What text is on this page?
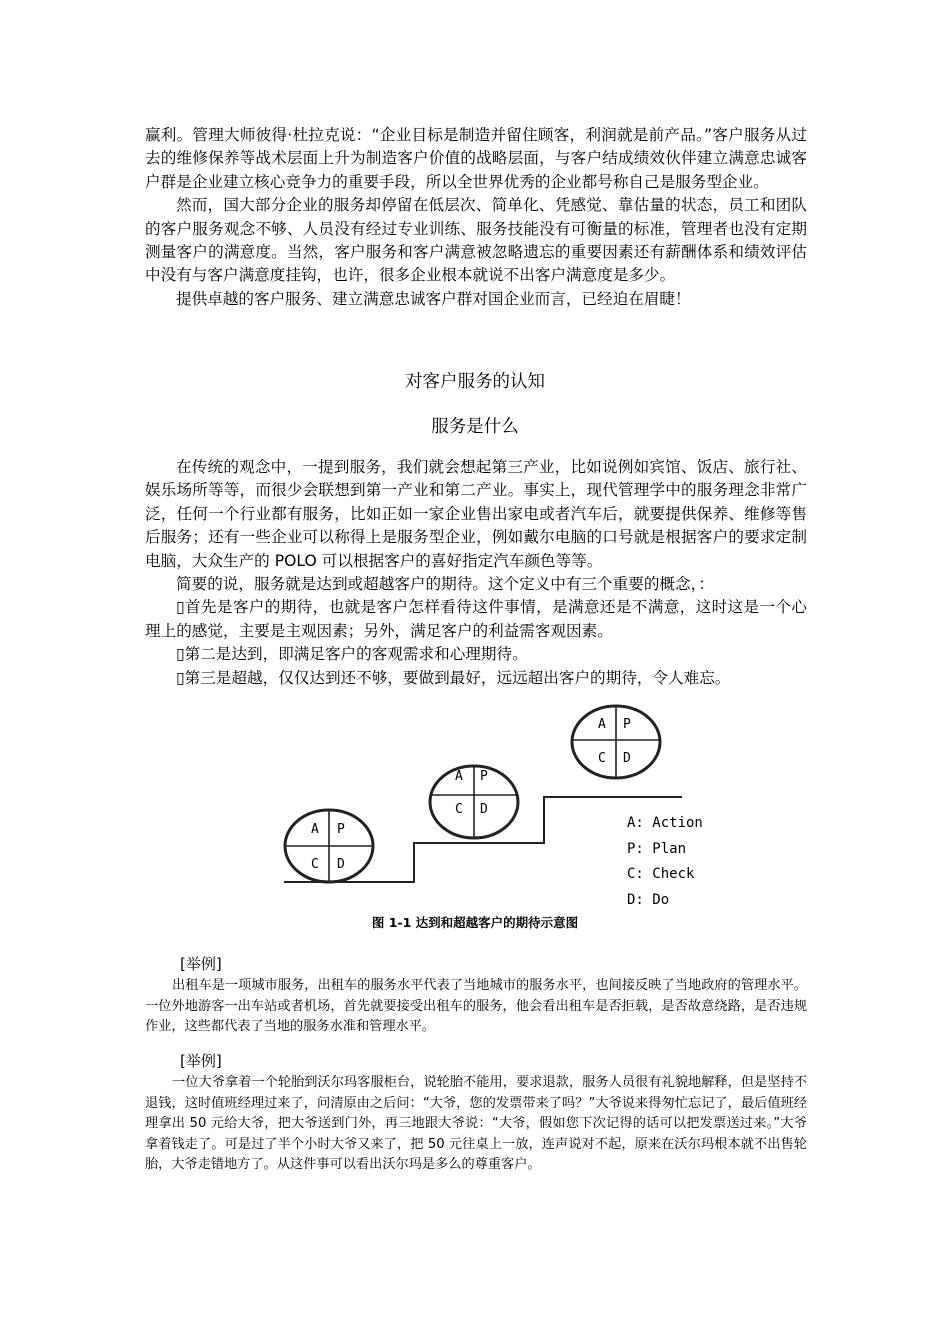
赢利。管理大师彼得·杜拉克说：“企业目标是制造并留住顾客，利润就是前产品。”客户服务从过去的维修保养等战术层面上升为制造客户价值的战略层面，与客户结成绩效伙伴建立满意忠诚客户群是企业建立核心竞争力的重要手段，所以全世界优秀的企业都号称自己是服务型企业。

然而，国大部分企业的服务却停留在低层次、简单化、凭感觉、靠估量的状态，员工和团队的客户服务观念不够、人员没有经过专业训练、服务技能没有可衡量的标准，管理者也没有定期测量客户的满意度。当然，客户服务和客户满意被忽略遗忘的重要因素还有薪酬体系和绩效评估中没有与客户满意度挂钩，也许，很多企业根本就说不出客户满意度是多少。

提供卓越的客户服务、建立满意忠诚客户群对国企业而言，已经迫在眉睫！

对客户服务的认知
服务是什么

在传统的观念中，一提到服务，我们就会想起第三产业，比如说例如宾馆、饭店、旅行社、娱乐场所等等，而很少会联想到第一产业和第二产业。事实上，现代管理学中的服务理念非常广泛，任何一个行业都有服务，比如正如一家企业售出家电或者汽车后，就要提供保养、维修等售后服务；还有一些企业可以称得上是服务型企业，例如戴尔电脑的口号就是根据客户的要求定制电脑，大众生产的 POLO 可以根据客户的喜好指定汽车颜色等等。

简要的说，服务就是达到或超越客户的期待。这个定义中有三个重要的概念，：

▯首先是客户的期待，也就是客户怎样看待这件事情，是满意还是不满意，这时这是一个心理上的感觉，主要是主观因素；另外，满足客户的利益需客观因素。

▯第二是达到，即满足客户的客观需求和心理期待。

▯第三是超越，仅仅达到还不够，要做到最好，远远超出客户的期待，令人难忘。

A P
C D
A P
C D
A P
C D
A: Action
P: Plan
C: Check
D: Do
图 1-1 达到和超越客户的期待示意图
[举例]

出租车是一项城市服务，出租车的服务水平代表了当地城市的服务水平，也间接反映了当地政府的管理水平。一位外地游客一出车站或者机场，首先就要接受出租车的服务，他会看出租车是否拒载，是否故意绕路，是否违规作业，这些都代表了当地的服务水准和管理水平。

[举例]

一位大爷拿着一个轮胎到沃尔玛客服柜台，说轮胎不能用，要求退款，服务人员很有礼貌地解释，但是坚持不退钱，这时值班经理过来了，问清原由之后问：“大爷，您的发票带来了吗？”大爷说来得匆忙忘记了，最后值班经理拿出 50 元给大爷，把大爷送到门外，再三地跟大爷说：“大爷，假如您下次记得的话可以把发票送过来。”大爷拿着钱走了。可是过了半个小时大爷又来了，把 50 元往桌上一放，连声说对不起，原来在沃尔玛根本就不出售轮胎，大爷走错地方了。从这件事可以看出沃尔玛是多么的尊重客户。
